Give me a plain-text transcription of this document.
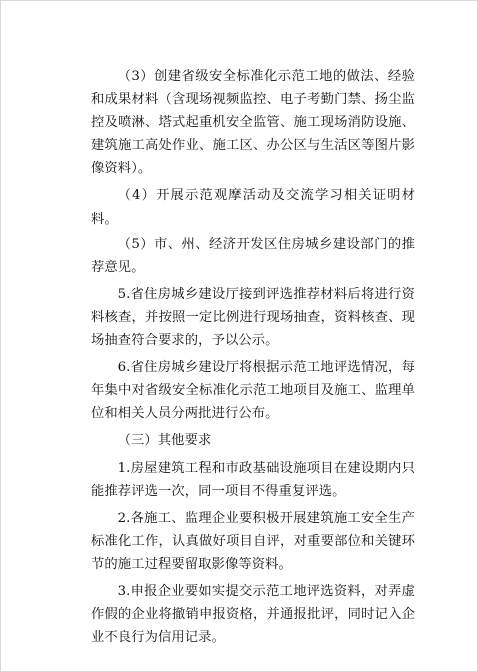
（3）创建省级安全标准化示范工地的做法、经验和成果材料（含现场视频监控、电子考勤门禁、扬尘监控及喷淋、塔式起重机安全监管、施工现场消防设施、建筑施工高处作业、施工区、办公区与生活区等图片影像资料）。

（4）开展示范观摩活动及交流学习相关证明材料。

（5）市、州、经济开发区住房城乡建设部门的推荐意见。

5.省住房城乡建设厅接到评选推荐材料后将进行资料核查，并按照一定比例进行现场抽查，资料核查、现场抽查符合要求的，予以公示。

6.省住房城乡建设厅将根据示范工地评选情况，每年集中对省级安全标准化示范工地项目及施工、监理单位和相关人员分两批进行公布。

（三）其他要求

1.房屋建筑工程和市政基础设施项目在建设期内只能推荐评选一次，同一项目不得重复评选。

2.各施工、监理企业要积极开展建筑施工安全生产标准化工作，认真做好项目自评，对重要部位和关键环节的施工过程要留取影像等资料。

3.申报企业要如实提交示范工地评选资料，对弄虚作假的企业将撤销申报资格，并通报批评，同时记入企业不良行为信用记录。
